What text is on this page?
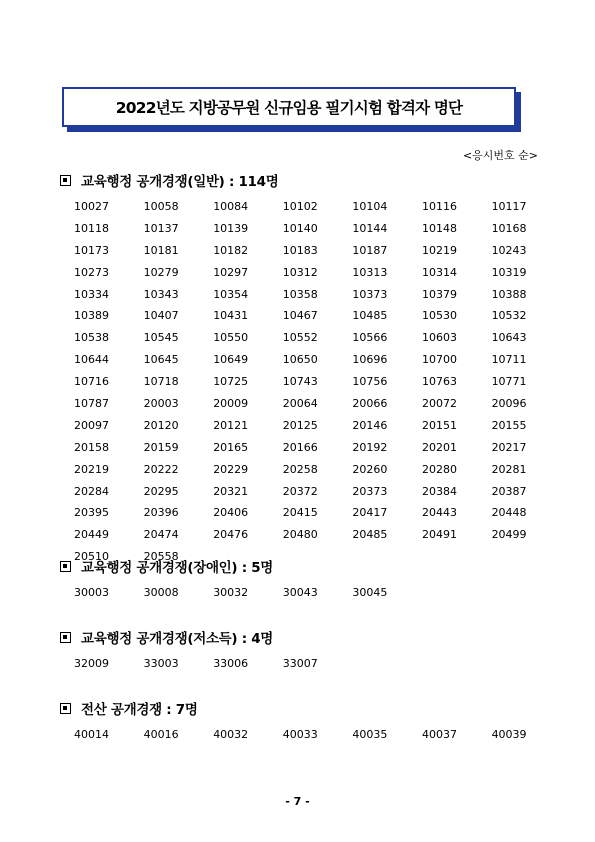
2022년도 지방공무원 신규임용 필기시험 합격자 명단
<응시번호 순>
교육행정 공개경쟁(일반) : 114명
10027	10058	10084	10102	10104	10116	10117
10118	10137	10139	10140	10144	10148	10168
10173	10181	10182	10183	10187	10219	10243
10273	10279	10297	10312	10313	10314	10319
10334	10343	10354	10358	10373	10379	10388
10389	10407	10431	10467	10485	10530	10532
10538	10545	10550	10552	10566	10603	10643
10644	10645	10649	10650	10696	10700	10711
10716	10718	10725	10743	10756	10763	10771
10787	20003	20009	20064	20066	20072	20096
20097	20120	20121	20125	20146	20151	20155
20158	20159	20165	20166	20192	20201	20217
20219	20222	20229	20258	20260	20280	20281
20284	20295	20321	20372	20373	20384	20387
20395	20396	20406	20415	20417	20443	20448
20449	20474	20476	20480	20485	20491	20499
20510	20558
교육행정 공개경쟁(장애인) : 5명
30003	30008	30032	30043	30045
교육행정 공개경쟁(저소득) : 4명
32009	33003	33006	33007
전산 공개경쟁 : 7명
40014	40016	40032	40033	40035	40037	40039
- 7 -
